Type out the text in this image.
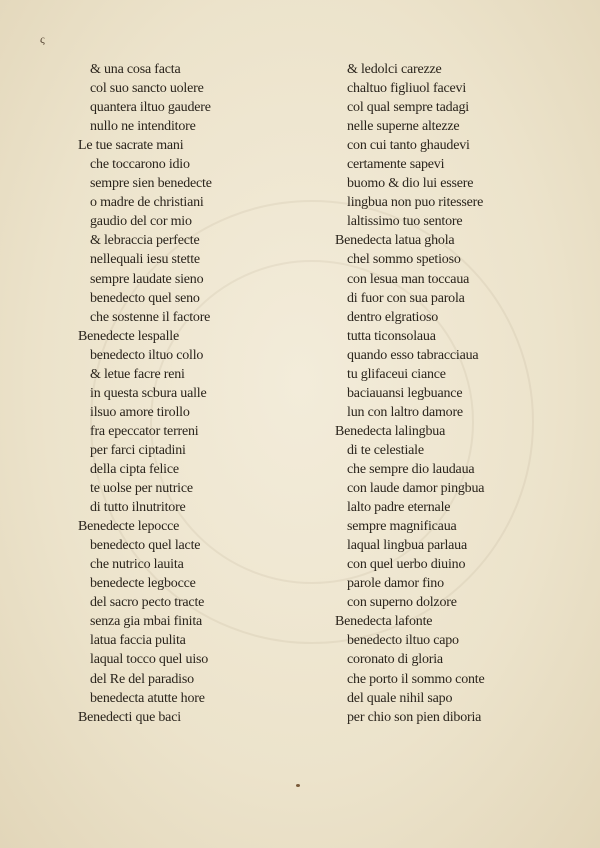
ς
& una cosa facta
col suo sancto uolere
quantera iltuo gaudere
nullo ne intenditore
Le tue sacrate mani
che toccarono idio
sempre sien benedecte
o madre de christiani
gaudio del cor mio
& lebraccia perfecte
nellequali iesu stette
sempre laudate sieno
benedecto quel seno
che sostenne il factore
Benedecte lespalle
benedecto iltuo collo
& letue facre reni
in questa scbura ualle
ilsuo amore tirollo
fra epeccator terreni
per farci ciptadini
della cipta felice
te uolse per nutrice
di tutto ilnutritore
Benedecte lepocce
benedecto quel lacte
che nutrico lauita
benedecte legbocce
del sacro pecto tracte
senza gia mbai finita
latua faccia pulita
laqual tocco quel uiso
del Re del paradiso
benedecta atutte hore
Benedecti que baci
& ledolci carezze
chaltuo figliuol facevi
col qual sempre tadagi
nelle superne altezze
con cui tanto ghaudevi
certamente sapevi
buomo & dio lui essere
lingbua non puo ritessere
laltissimo tuo sentore
Benedecta latua ghola
chel sommo spetioso
con lesua man toccaua
di fuor con sua parola
dentro elgratioso
tutta ticonsolaua
quando esso tabracciaua
tu glifaceui ciance
baciauansi legbuance
lun con laltro damore
Benedecta lalingbua
di te celestiale
che sempre dio laudaua
con laude damor pingbua
lalto padre eternale
sempre magnificaua
laqual lingbua parlaua
con quel uerbo diuino
parole damor fino
con superno dolzore
Benedecta lafonte
benedecto iltuo capo
coronato di gloria
che porto il sommo conte
del quale nihil sapo
per chio son pien diboria
